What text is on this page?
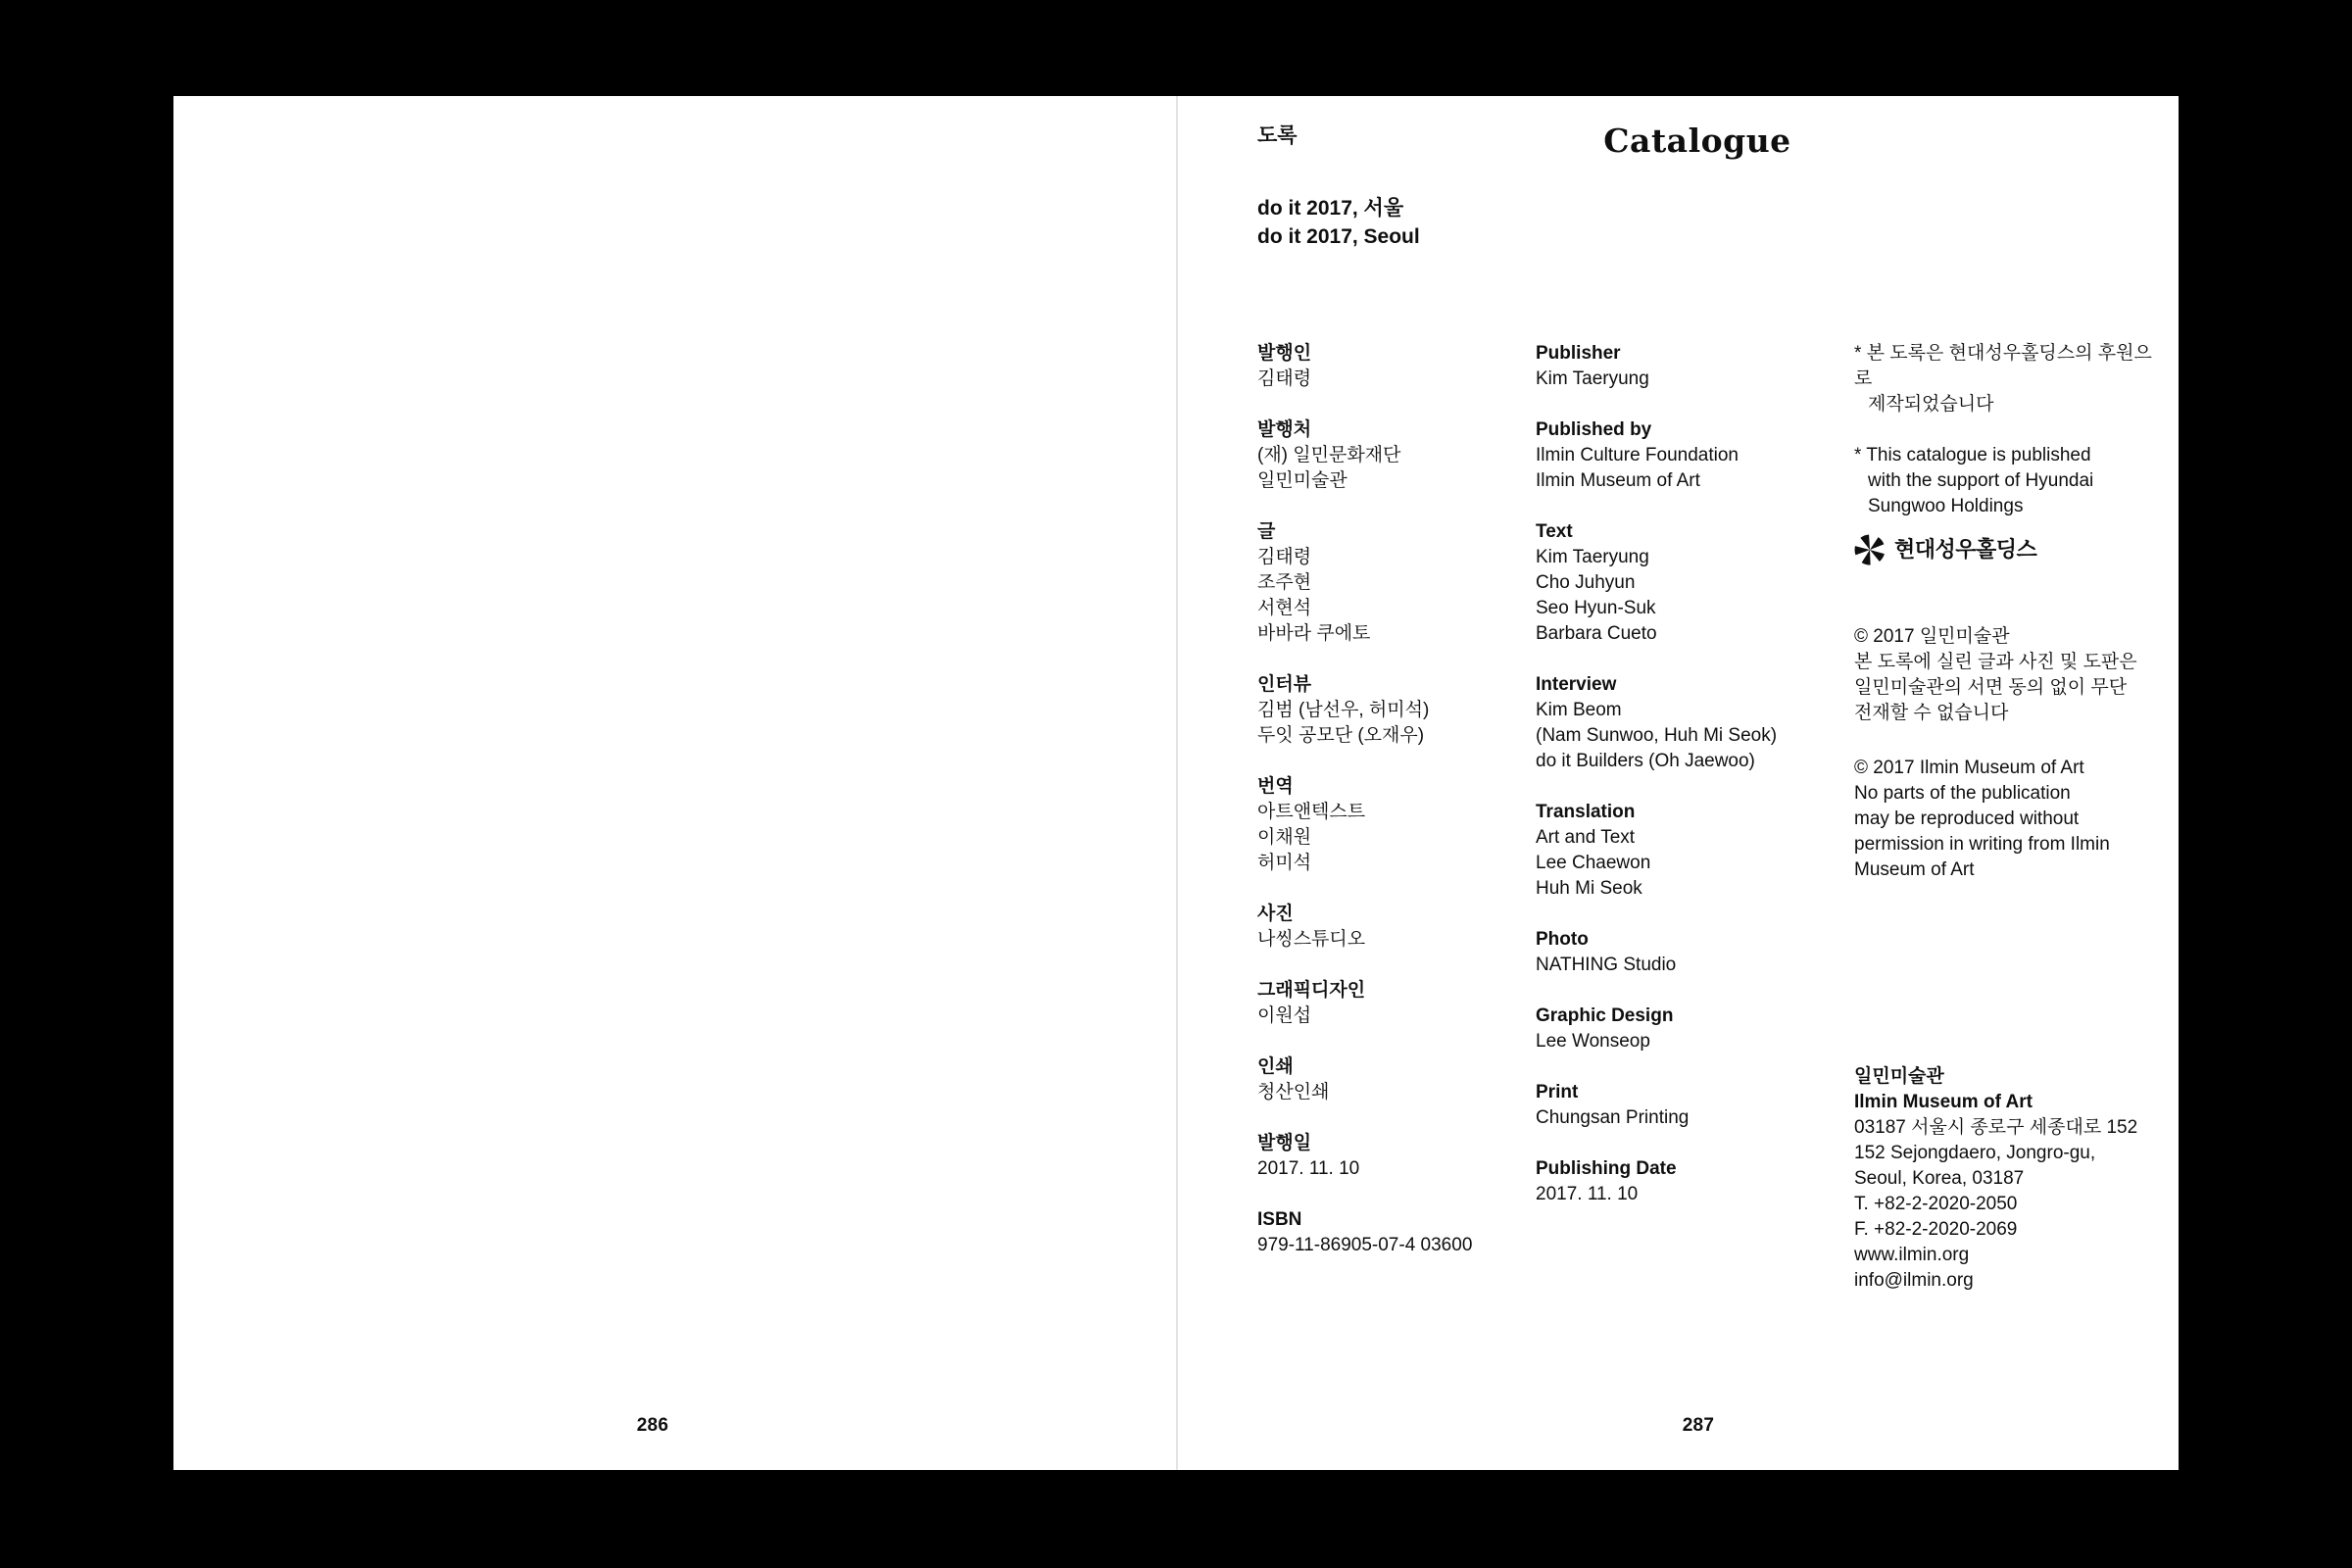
286
도록	Catalogue

do it 2017, 서울

do it 2017, Seoul

발행인

김태령

발행처

(재) 일민문화재단

일민미술관

글

김태령

조주현

서현석

바바라 쿠에토

인터뷰

김범 (남선우, 허미석)

두잇 공모단 (오재우)

번역

아트앤텍스트

이채원

허미석

사진

나씽스튜디오

그래픽디자인

이원섭

인쇄

청산인쇄

발행일

2017. 11. 10

ISBN

979-11-86905-07-4 03600

Publisher

Kim Taeryung

Published by

Ilmin Culture Foundation

Ilmin Museum of Art

Text

Kim Taeryung

Cho Juhyun

Seo Hyun-Suk

Barbara Cueto

Interview

Kim Beom

(Nam Sunwoo, Huh Mi Seok)

do it Builders (Oh Jaewoo)

Translation

Art and Text

Lee Chaewon

Huh Mi Seok

Photo

NATHING Studio

Graphic Design

Lee Wonseop

Print

Chungsan Printing

Publishing Date

2017. 11. 10

* 본 도록은 현대성우홀딩스의 후원으로

제작되었습니다

* This catalogue is published

with the support of Hyundai

Sungwoo Holdings

현대성우홀딩스

© 2017 일민미술관

본 도록에 실린 글과 사진 및 도판은

일민미술관의 서면 동의 없이 무단

전재할 수 없습니다

© 2017 Ilmin Museum of Art

No parts of the publication

may be reproduced without

permission in writing from Ilmin

Museum of Art

일민미술관

Ilmin Museum of Art

03187 서울시 종로구 세종대로 152

152 Sejongdaero, Jongro-gu,

Seoul, Korea, 03187

T. +82-2-2020-2050

F. +82-2-2020-2069

www.ilmin.org

info@ilmin.org

287
